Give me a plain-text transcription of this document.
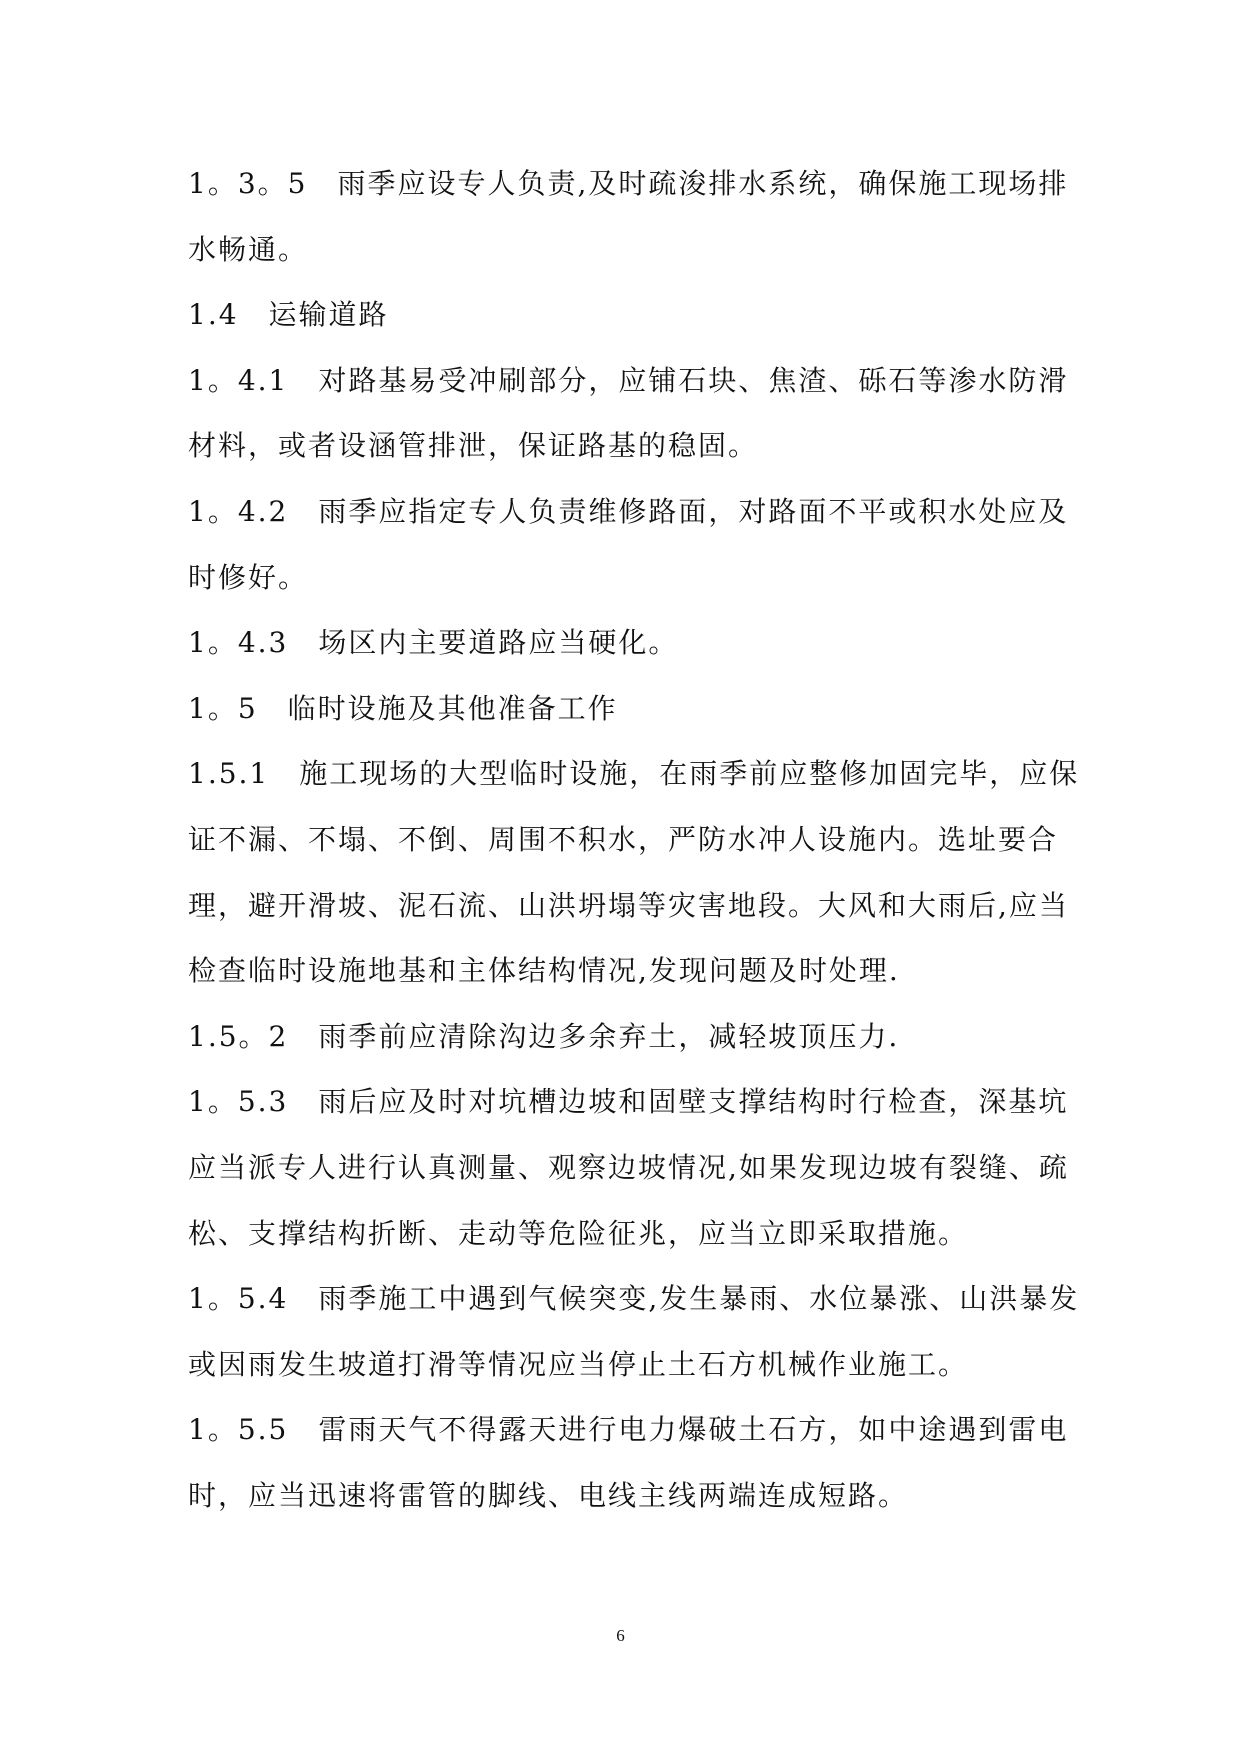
1。3。5　雨季应设专人负责,及时疏浚排水系统，确保施工现场排
水畅通。
1.4　运输道路
1。4.1　对路基易受冲刷部分，应铺石块、焦渣、砾石等渗水防滑
材料，或者设涵管排泄，保证路基的稳固。
1。4.2　雨季应指定专人负责维修路面，对路面不平或积水处应及
时修好。
1。4.3　场区内主要道路应当硬化。
1。5　临时设施及其他准备工作
1.5.1　施工现场的大型临时设施，在雨季前应整修加固完毕，应保
证不漏、不塌、不倒、周围不积水，严防水冲人设施内。选址要合
理，避开滑坡、泥石流、山洪坍塌等灾害地段。大风和大雨后,应当
检查临时设施地基和主体结构情况,发现问题及时处理.
1.5。2　雨季前应清除沟边多余弃土，减轻坡顶压力.
1。5.3　雨后应及时对坑槽边坡和固壁支撑结构时行检查，深基坑
应当派专人进行认真测量、观察边坡情况,如果发现边坡有裂缝、疏
松、支撑结构折断、走动等危险征兆，应当立即采取措施。
1。5.4　雨季施工中遇到气候突变,发生暴雨、水位暴涨、山洪暴发
或因雨发生坡道打滑等情况应当停止土石方机械作业施工。
1。5.5　雷雨天气不得露天进行电力爆破土石方，如中途遇到雷电
时，应当迅速将雷管的脚线、电线主线两端连成短路。
6
